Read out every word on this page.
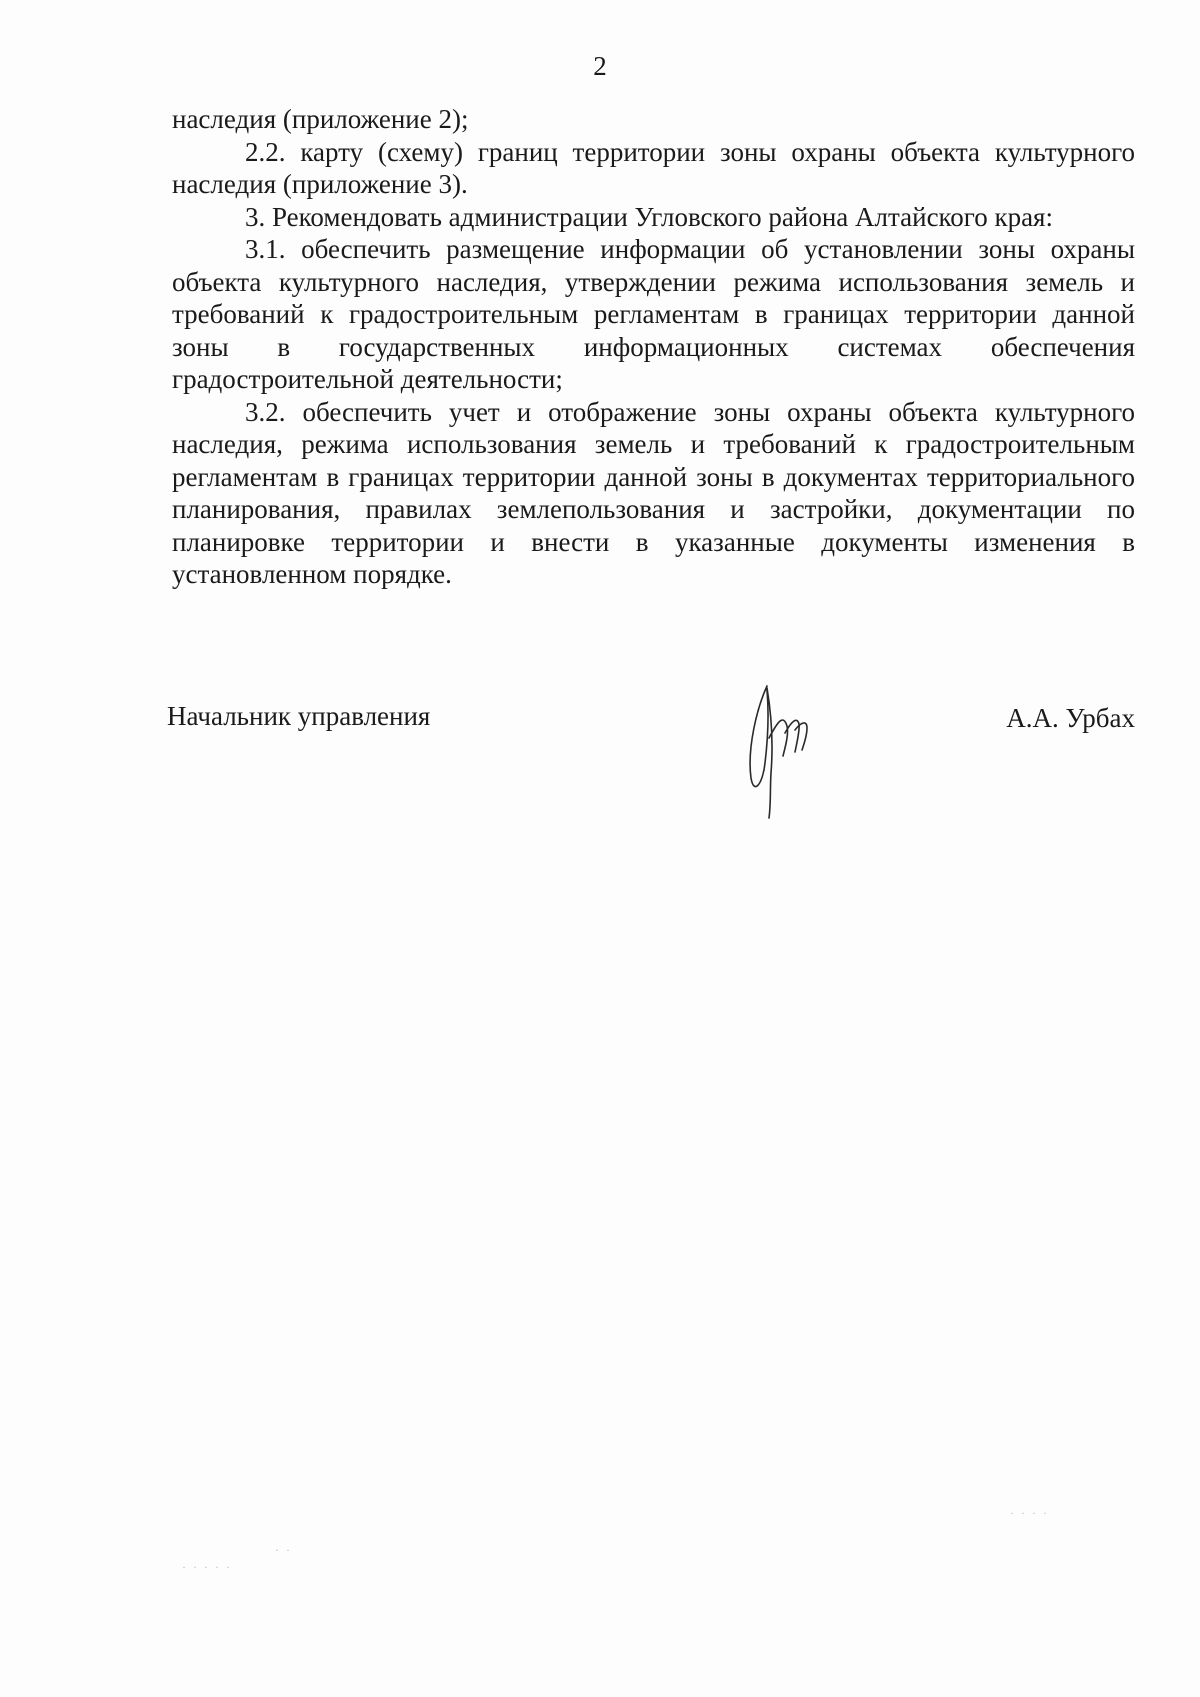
2

наследия (приложение 2);

2.2. карту (схему) границ территории зоны охраны объекта культурного наследия (приложение 3).

3. Рекомендовать администрации Угловского района Алтайского края:

3.1. обеспечить размещение информации об установлении зоны охраны объекта культурного наследия, утверждении режима использования земель и требований к градостроительным регламентам в границах территории данной зоны в государственных информационных системах обеспечения градостроительной деятельности;

3.2. обеспечить учет и отображение зоны охраны объекта культурного наследия, режима использования земель и требований к градостроительным регламентам в границах территории данной зоны в документах территориального планирования, правилах землепользования и застройки, документации по планировке территории и внести в указанные документы изменения в установленном порядке.

Начальник управления	А.А. Урбах
· · · ·
· · · · ·
· ·
